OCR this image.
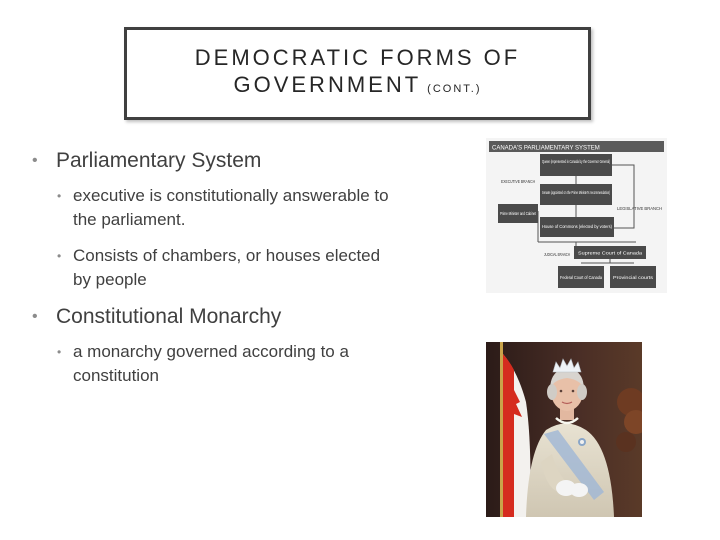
DEMOCRATIC FORMS OF
GOVERNMENT (CONT.)
• Parliamentary System
• executive is constitutionally answerable to the parliament.
• Consists of chambers, or houses elected by people
• Constitutional Monarchy
• a monarchy governed according to a constitution
CANADA'S PARLIAMENTARY SYSTEM
Queen (represented in Canada by the Governor General)
EXECUTIVE BRANCH
Senate (appointed on the Prime Minister's recommendation)
Prime Minister and Cabinet
LEGISLATIVE BRANCH
House of Commons (elected by voters)
JUDICIAL BRANCH Supreme Court of Canada
Federal Court of Canada Provincial courts
